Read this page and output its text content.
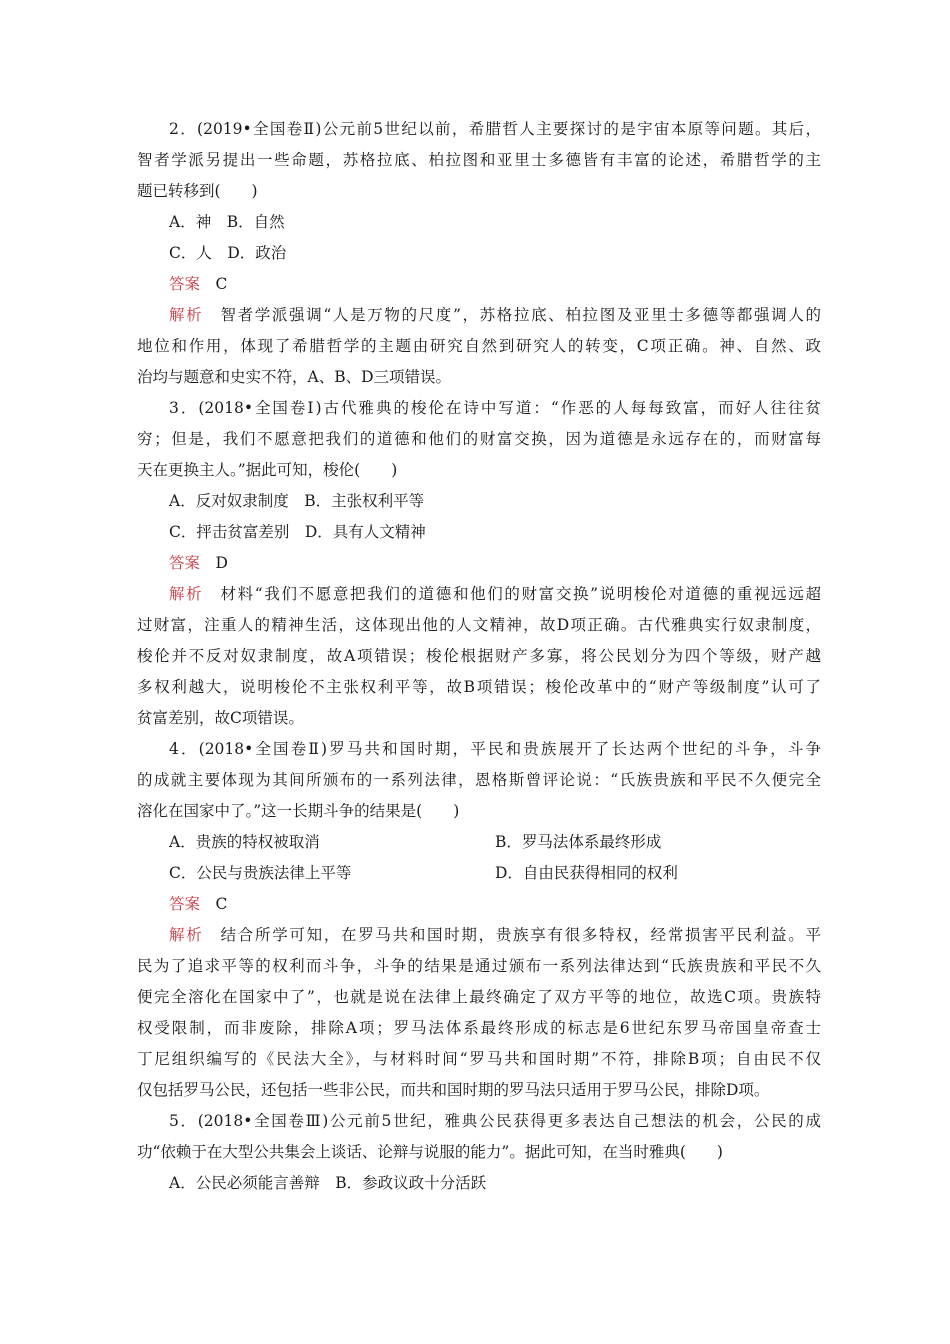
2．(2019•全国卷Ⅱ)公元前5世纪以前，希腊哲人主要探讨的是宇宙本原等问题。其后，
智者学派另提出一些命题，苏格拉底、柏拉图和亚里士多德皆有丰富的论述，希腊哲学的主
题已转移到(　　)
A．神　B．自然
C．人　D．政治
答案　 C
解析　 智者学派强调“人是万物的尺度”，苏格拉底、柏拉图及亚里士多德等都强调人的
地位和作用，体现了希腊哲学的主题由研究自然到研究人的转变，C项正确。神、自然、政
治均与题意和史实不符，A、B、D三项错误。
3．(2018•全国卷Ⅰ)古代雅典的梭伦在诗中写道：“作恶的人每每致富，而好人往往贫
穷；但是，我们不愿意把我们的道德和他们的财富交换，因为道德是永远存在的，而财富每
天在更换主人。”据此可知，梭伦(　　)
A．反对奴隶制度　B．主张权利平等
C．抨击贫富差别　D．具有人文精神
答案　 D
解析　 材料“我们不愿意把我们的道德和他们的财富交换”说明梭伦对道德的重视远远超
过财富，注重人的精神生活，这体现出他的人文精神，故D项正确。古代雅典实行奴隶制度，
梭伦并不反对奴隶制度，故A项错误；梭伦根据财产多寡，将公民划分为四个等级，财产越
多权利越大，说明梭伦不主张权利平等，故B项错误；梭伦改革中的“财产等级制度”认可了
贫富差别，故C项错误。
4．(2018•全国卷Ⅱ)罗马共和国时期，平民和贵族展开了长达两个世纪的斗争，斗争
的成就主要体现为其间所颁布的一系列法律，恩格斯曾评论说：“氏族贵族和平民不久便完全
溶化在国家中了。”这一长期斗争的结果是(　　)
A．贵族的特权被取消	B．罗马法体系最终形成
C．公民与贵族法律上平等	D．自由民获得相同的权利
答案　 C
解析　 结合所学可知，在罗马共和国时期，贵族享有很多特权，经常损害平民利益。平
民为了追求平等的权利而斗争，斗争的结果是通过颁布一系列法律达到“氏族贵族和平民不久
便完全溶化在国家中了”，也就是说在法律上最终确定了双方平等的地位，故选C项。贵族特
权受限制，而非废除，排除A项；罗马法体系最终形成的标志是6世纪东罗马帝国皇帝查士
丁尼组织编写的《民法大全》，与材料时间“罗马共和国时期”不符，排除B项；自由民不仅
仅包括罗马公民，还包括一些非公民，而共和国时期的罗马法只适用于罗马公民，排除D项。
5．(2018•全国卷Ⅲ)公元前5世纪，雅典公民获得更多表达自己想法的机会，公民的成
功“依赖于在大型公共集会上谈话、论辩与说服的能力”。据此可知，在当时雅典(　　)
A．公民必须能言善辩　B．参政议政十分活跃
